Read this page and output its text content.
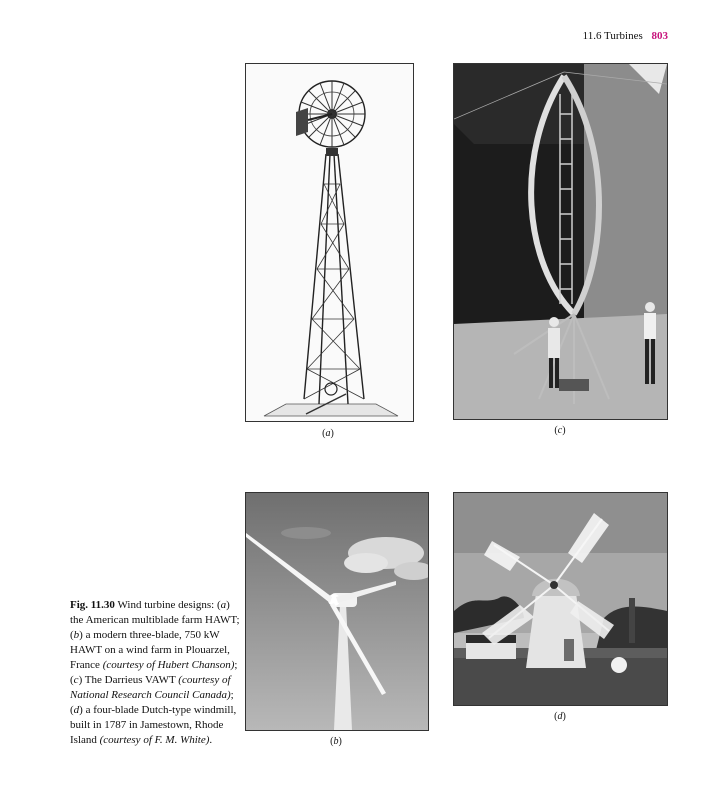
11.6 Turbines 803
( a )
(	c )
( b )
( d )
Fig. 11.30 Wind turbine designs: (a) the American multiblade farm HAWT; (b) a modern three-blade, 750 kW HAWT on a wind farm in Plouarzel, France (courtesy of Hubert Chanson); (c) The Darrieus VAWT (courtesy of National Research Council Canada); (d) a four-blade Dutch-type windmill, built in 1787 in Jamestown, Rhode Island (courtesy of F. M. White).
